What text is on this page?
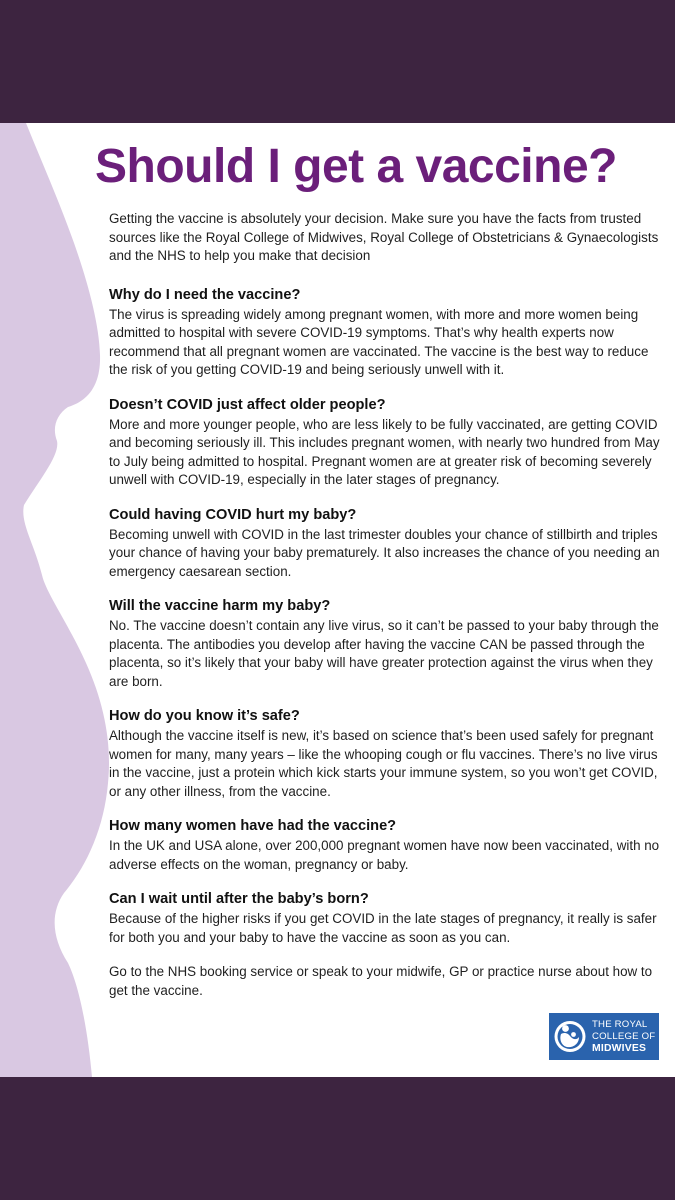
Should I get a vaccine?

Getting the vaccine is absolutely your decision. Make sure you have the facts from trusted sources like the Royal College of Midwives, Royal College of Obstetricians & Gynaecologists and the NHS to help you make that decision

Why do I need the vaccine?

The virus is spreading widely among pregnant women, with more and more women being admitted to hospital with severe COVID-19 symptoms. That’s why health experts now recommend that all pregnant women are vaccinated. The vaccine is the best way to reduce the risk of you getting COVID-19 and being seriously unwell with it.

Doesn’t COVID just affect older people?

More and more younger people, who are less likely to be fully vaccinated, are getting COVID and becoming seriously ill. This includes pregnant women, with nearly two hundred from May to July being admitted to hospital. Pregnant women are at greater risk of becoming severely unwell with COVID-19, especially in the later stages of pregnancy.

Could having COVID hurt my baby?

Becoming unwell with COVID in the last trimester doubles your chance of stillbirth and triples your chance of having your baby prematurely. It also increases the chance of you needing an emergency caesarean section.

Will the vaccine harm my baby?

No. The vaccine doesn’t contain any live virus, so it can’t be passed to your baby through the placenta. The antibodies you develop after having the vaccine CAN be passed through the placenta, so it’s likely that your baby will have greater protection against the virus when they are born.

How do you know it’s safe?

Although the vaccine itself is new, it’s based on science that’s been used safely for pregnant women for many, many years – like the whooping cough or flu vaccines. There’s no live virus in the vaccine, just a protein which kick starts your immune system, so you won’t get COVID, or any other illness, from the vaccine.

How many women have had the vaccine?

In the UK and USA alone, over 200,000 pregnant women have now been vaccinated, with no adverse effects on the woman, pregnancy or baby.

Can I wait until after the baby’s born?

Because of the higher risks if you get COVID in the late stages of pregnancy, it really is safer for both you and your baby to have the vaccine as soon as you can.

Go to the NHS booking service or speak to your midwife, GP or practice nurse about how to get the vaccine.

THE ROYAL
COLLEGE OF
MIDWIVES
